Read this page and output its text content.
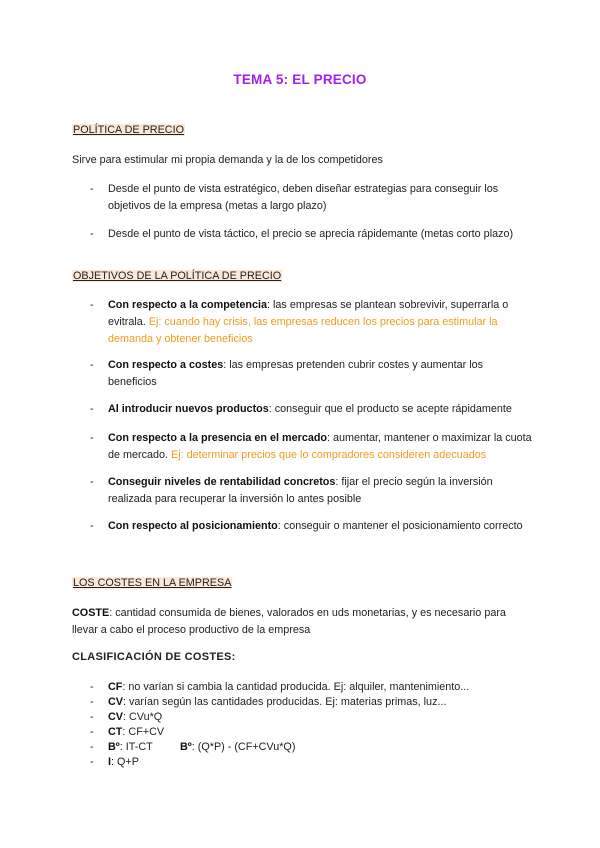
TEMA 5: EL PRECIO
POLÍTICA DE PRECIO
Sirve para estimular mi propia demanda y la de los competidores
-	Desde el punto de vista estratégico, deben diseñar estrategias para conseguir los objetivos de la empresa (metas a largo plazo)
-	Desde el punto de vista táctico, el precio se aprecia rápidemante (metas corto plazo)
OBJETIVOS DE LA POLÍTICA DE PRECIO
-	Con respecto a la competencia: las empresas se plantean sobrevivir, superrarla o evitrala. Ej: cuando hay crisis, las empresas reducen los precios para estimular la demanda y obtener beneficios
-	Con respecto a costes: las empresas pretenden cubrir costes y aumentar los beneficios
-	Al introducir nuevos productos: conseguir que el producto se acepte rápidamente
-	Con respecto a la presencia en el mercado: aumentar, mantener o maximizar la cuota de mercado. Ej: determinar precios que lo compradores consideren adecuados
-	Conseguir niveles de rentabilidad concretos: fijar el precio según la inversión realizada para recuperar la inversión lo antes posible
-	Con respecto al posicionamiento: conseguir o mantener el posicionamiento correcto
LOS COSTES EN LA EMPRESA
COSTE: cantidad consumida de bienes, valorados en uds monetarias, y es necesario para llevar a cabo el proceso productivo de la empresa
CLASIFICACIÓN DE COSTES:
-	CF: no varían si cambia la cantidad producida. Ej: alquiler, mantenimiento...
-	CV: varían según las cantidades producidas. Ej: materias primas, luz...
-	CV: CVu*Q
-	CT: CF+CV
-	Bº: IT-CT	Bº: (Q*P) - (CF+CVu*Q)
-	I: Q+P
